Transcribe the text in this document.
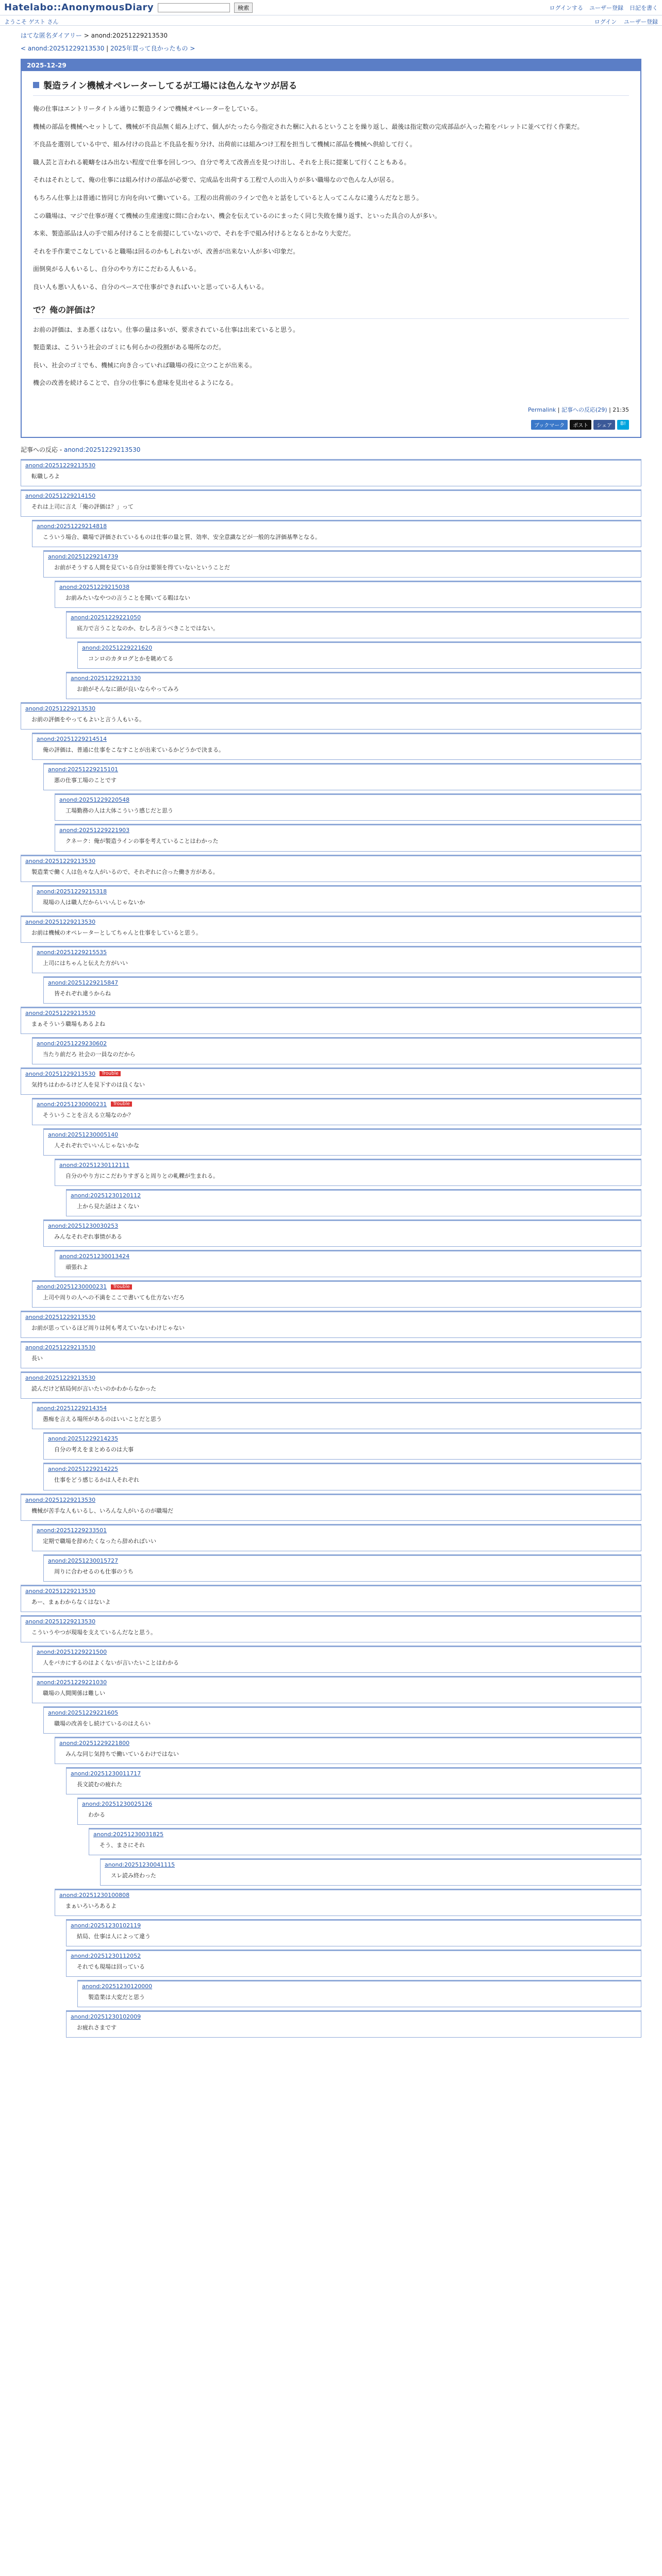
Hatelabo::AnonymousDiary	検索	ログインする ユーザー登録 日記を書く
ようこそ ゲスト さん	ログイン ユーザー登録
はてな匿名ダイアリー > anond:20251229213530
< anond:20251229213530 | 2025年買って良かったもの >
2025-12-29
製造ライン機械オペレーターしてるが工場には色んなヤツが居る

俺の仕事はエントリータイトル通りに製造ラインで機械オペレーターをしている。

機械の部品を機械へセットして、機械が不良品無く組み上げて、個人がたったら今指定された梱に入れるということを繰り返し、最後は指定数の完成部品が入った箱をパレットに並べて行く作業だ。

不良品を選別している中で、組み付けの良品と不良品を振り分け、出荷前には組みつけ工程を担当して機械に部品を機械へ供給して行く。

職人芸と言われる範疇をはみ出ない程度で仕事を回しつつ、自分で考えて改善点を見つけ出し、それを上長に提案して行くこともある。

それはそれとして、俺の仕事には組み付けの部品が必要で、完成品を出荷する工程で人の出入りが多い職場なので色んな人が居る。

もちろん仕事上は普通に皆同じ方向を向いて働いている。工程の出荷前のラインで色々と話をしていると人ってこんなに違うんだなと思う。

この職場は、マジで仕事が遅くて機械の生産速度に間に合わない、機会を伝えているのにまったく同じ失敗を繰り返す、といった具合の人が多い。

本来、製造部品は人の手で組み付けることを前提にしていないので、それを手で組み付けるとなるとかなり大変だ。

それを手作業でこなしていると職場は回るのかもしれないが、改善が出来ない人が多い印象だ。

面倒臭がる人もいるし、自分のやり方にこだわる人もいる。

良い人も悪い人もいる、自分のペースで仕事ができればいいと思っている人もいる。

で？俺の評価は？

お前の評価は、まあ悪くはない。仕事の量は多いが、要求されている仕事は出来ていると思う。

製造業は、こういう社会のゴミにも何らかの役割がある場所なのだ。

長い、社会のゴミでも、機械に向き合っていれば職場の役に立つことが出来る。

機会の改善を続けることで、自分の仕事にも意味を見出せるようになる。

Permalink | 記事への反応(29) | 21:35
ブックマーク	ポスト	シェア	B!
記事への反応 - anond:20251229213530
anond:20251229213530
転職しろよ
anond:20251229214150
それは上司に言え「俺の評価は？」って
anond:20251229214818
こういう場合、職場で評価されているものは仕事の量と質、効率、安全意識などが一般的な評価基準となる。
anond:20251229214739
お前がそうする人間を見ている自分は要領を得ていないということだ
anond:20251229215038
お前みたいなやつの言うことを聞いてる暇はない
anond:20251229221050
底力で言うことなのか、むしろ言うべきことではない。
anond:20251229221620
コンロのカタログとかを眺めてる
anond:20251229221330
お前がそんなに頭が良いならやってみろ
anond:20251229213530
お前の評価をやってもよいと言う人もいる。
anond:20251229214514
俺の評価は、普通に仕事をこなすことが出来ているかどうかで決まる。
anond:20251229215101
悪の仕事工場のことです
anond:20251229220548
工場勤務の人は大体こういう感じだと思う
anond:20251229221903
クネーク：俺が製造ラインの事を考えていることはわかった
anond:20251229213530
製造業で働く人は色々な人がいるので、それぞれに合った働き方がある。
anond:20251229215318
現場の人は職人だからいいんじゃないか
anond:20251229213530
お前は機械のオペレーターとしてちゃんと仕事をしていると思う。
anond:20251229215535
上司にはちゃんと伝えた方がいい
anond:20251229215847
皆それぞれ違うからね
anond:20251229213530
まぁそういう職場もあるよね
anond:20251229230602
当たり前だろ 社会の一員なのだから
anond:20251229213530	Trouble
気持ちはわかるけど人を見下すのは良くない
anond:20251230000231	Trouble
そういうことを言える立場なのか？
anond:20251230005140
人それぞれでいいんじゃないかな
anond:20251230112111
自分のやり方にこだわりすぎると周りとの軋轢が生まれる。
anond:20251230120112
上から見た話はよくない
anond:20251230030253
みんなそれぞれ事情がある
anond:20251230013424
頑張れよ
anond:20251230000231	Trouble
上司や周りの人への不満をここで書いても仕方ないだろ
anond:20251229213530
お前が思っているほど周りは何も考えていないわけじゃない
anond:20251229213530
長い
anond:20251229213530
読んだけど結局何が言いたいのかわからなかった
anond:20251229214354
愚痴を言える場所があるのはいいことだと思う
anond:20251229214235
自分の考えをまとめるのは大事
anond:20251229214225
仕事をどう感じるかは人それぞれ
anond:20251229213530
機械が苦手な人もいるし、いろんな人がいるのが職場だ
anond:20251229233501
定期で職場を辞めたくなったら辞めればいい
anond:20251230015727
周りに合わせるのも仕事のうち
anond:20251229213530
あー、まぁわからなくはないよ
anond:20251229213530
こういうやつが現場を支えているんだなと思う。
anond:20251229221500
人をバカにするのはよくないが言いたいことはわかる
anond:20251229221030
職場の人間関係は難しい
anond:20251229221605
職場の改善をし続けているのはえらい
anond:20251229221800
みんな同じ気持ちで働いているわけではない
anond:20251230011717
長文読むの疲れた
anond:20251230025126
わかる
anond:20251230031825
そう、まさにそれ
anond:20251230041115
スレ読み終わった
anond:20251230100808
まぁいろいろあるよ
anond:20251230102119
結局、仕事は人によって違う
anond:20251230112052
それでも現場は回っている
anond:20251230120000
製造業は大変だと思う
anond:20251230102009
お疲れさまです
